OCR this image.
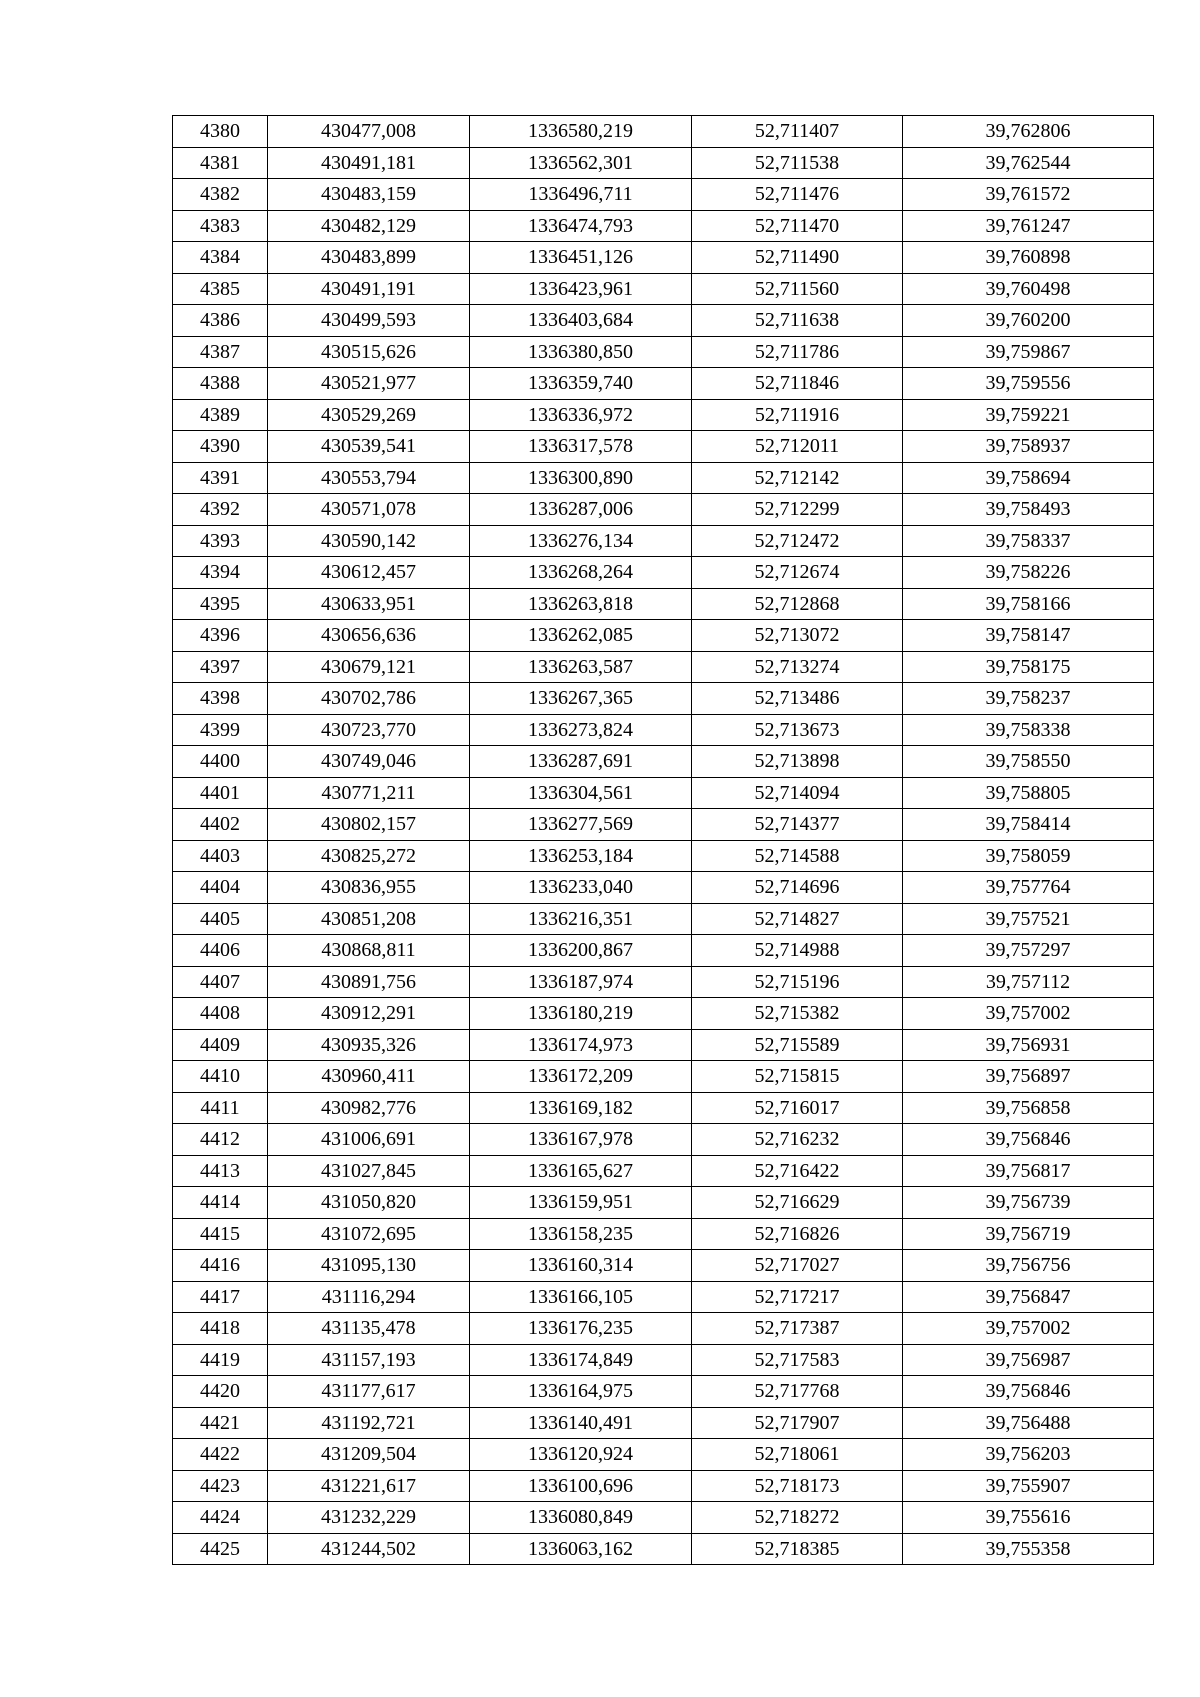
4380	430477,008	1336580,219	52,711407	39,762806
4381	430491,181	1336562,301	52,711538	39,762544
4382	430483,159	1336496,711	52,711476	39,761572
4383	430482,129	1336474,793	52,711470	39,761247
4384	430483,899	1336451,126	52,711490	39,760898
4385	430491,191	1336423,961	52,711560	39,760498
4386	430499,593	1336403,684	52,711638	39,760200
4387	430515,626	1336380,850	52,711786	39,759867
4388	430521,977	1336359,740	52,711846	39,759556
4389	430529,269	1336336,972	52,711916	39,759221
4390	430539,541	1336317,578	52,712011	39,758937
4391	430553,794	1336300,890	52,712142	39,758694
4392	430571,078	1336287,006	52,712299	39,758493
4393	430590,142	1336276,134	52,712472	39,758337
4394	430612,457	1336268,264	52,712674	39,758226
4395	430633,951	1336263,818	52,712868	39,758166
4396	430656,636	1336262,085	52,713072	39,758147
4397	430679,121	1336263,587	52,713274	39,758175
4398	430702,786	1336267,365	52,713486	39,758237
4399	430723,770	1336273,824	52,713673	39,758338
4400	430749,046	1336287,691	52,713898	39,758550
4401	430771,211	1336304,561	52,714094	39,758805
4402	430802,157	1336277,569	52,714377	39,758414
4403	430825,272	1336253,184	52,714588	39,758059
4404	430836,955	1336233,040	52,714696	39,757764
4405	430851,208	1336216,351	52,714827	39,757521
4406	430868,811	1336200,867	52,714988	39,757297
4407	430891,756	1336187,974	52,715196	39,757112
4408	430912,291	1336180,219	52,715382	39,757002
4409	430935,326	1336174,973	52,715589	39,756931
4410	430960,411	1336172,209	52,715815	39,756897
4411	430982,776	1336169,182	52,716017	39,756858
4412	431006,691	1336167,978	52,716232	39,756846
4413	431027,845	1336165,627	52,716422	39,756817
4414	431050,820	1336159,951	52,716629	39,756739
4415	431072,695	1336158,235	52,716826	39,756719
4416	431095,130	1336160,314	52,717027	39,756756
4417	431116,294	1336166,105	52,717217	39,756847
4418	431135,478	1336176,235	52,717387	39,757002
4419	431157,193	1336174,849	52,717583	39,756987
4420	431177,617	1336164,975	52,717768	39,756846
4421	431192,721	1336140,491	52,717907	39,756488
4422	431209,504	1336120,924	52,718061	39,756203
4423	431221,617	1336100,696	52,718173	39,755907
4424	431232,229	1336080,849	52,718272	39,755616
4425	431244,502	1336063,162	52,718385	39,755358
